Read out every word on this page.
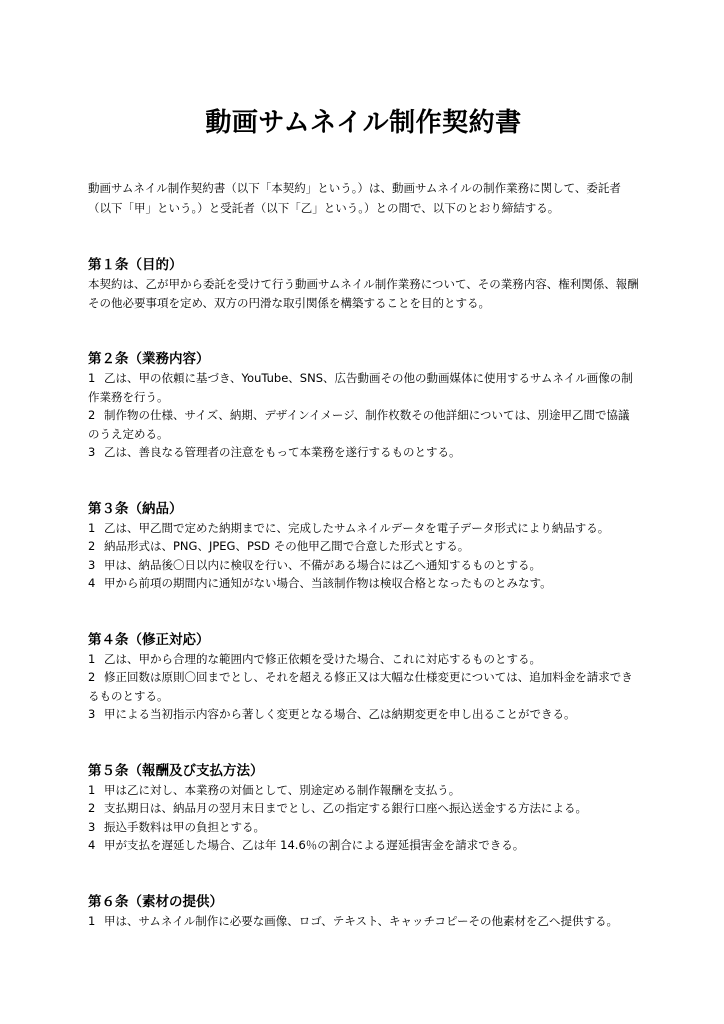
動画サムネイル制作契約書

動画サムネイル制作契約書（以下「本契約」という。）は、動画サムネイルの制作業務に関して、委託者（以下「甲」という。）と受託者（以下「乙」という。）との間で、以下のとおり締結する。

第１条（目的）

本契約は、乙が甲から委託を受けて行う動画サムネイル制作業務について、その業務内容、権利関係、報酬その他必要事項を定め、双方の円滑な取引関係を構築することを目的とする。

第２条（業務内容）

1 乙は、甲の依頼に基づき、YouTube、SNS、広告動画その他の動画媒体に使用するサムネイル画像の制作業務を行う。

2 制作物の仕様、サイズ、納期、デザインイメージ、制作枚数その他詳細については、別途甲乙間で協議のうえ定める。

3 乙は、善良なる管理者の注意をもって本業務を遂行するものとする。

第３条（納品）

1 乙は、甲乙間で定めた納期までに、完成したサムネイルデータを電子データ形式により納品する。

2 納品形式は、PNG、JPEG、PSD その他甲乙間で合意した形式とする。

3 甲は、納品後〇日以内に検収を行い、不備がある場合には乙へ通知するものとする。

4 甲から前項の期間内に通知がない場合、当該制作物は検収合格となったものとみなす。

第４条（修正対応）

1 乙は、甲から合理的な範囲内で修正依頼を受けた場合、これに対応するものとする。

2 修正回数は原則〇回までとし、それを超える修正又は大幅な仕様変更については、追加料金を請求できるものとする。

3 甲による当初指示内容から著しく変更となる場合、乙は納期変更を申し出ることができる。

第５条（報酬及び支払方法）

1 甲は乙に対し、本業務の対価として、別途定める制作報酬を支払う。

2 支払期日は、納品月の翌月末日までとし、乙の指定する銀行口座へ振込送金する方法による。

3 振込手数料は甲の負担とする。

4 甲が支払を遅延した場合、乙は年 14.6％の割合による遅延損害金を請求できる。

第６条（素材の提供）

1 甲は、サムネイル制作に必要な画像、ロゴ、テキスト、キャッチコピーその他素材を乙へ提供する。
